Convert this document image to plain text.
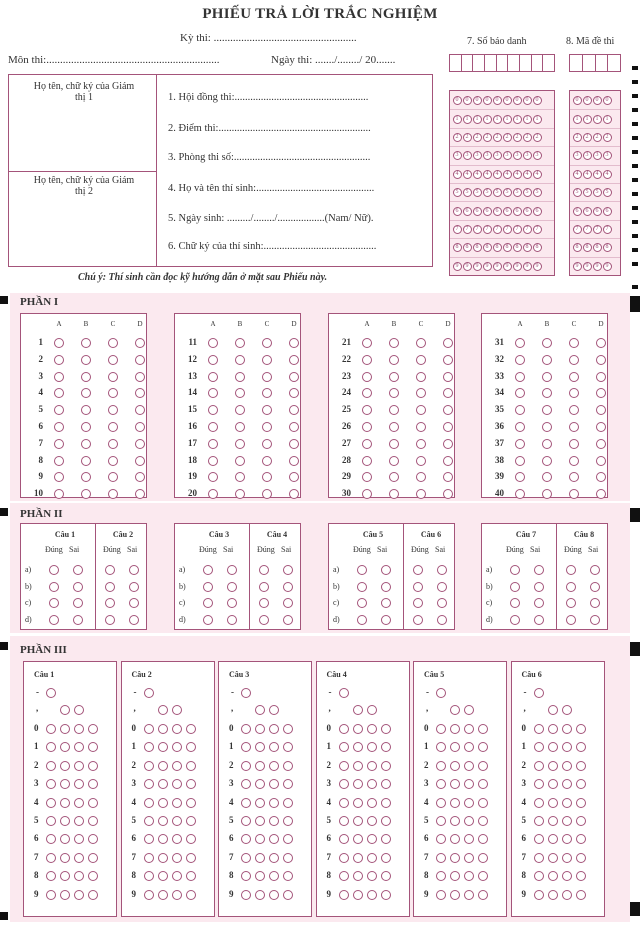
PHIẾU TRẢ LỜI TRẮC NGHIỆM
Kỳ thi: ....................................................
Môn thi:...............................................................	Ngày thi: ......./......../ 20.......
7. Số báo danh	8. Mã đề thi
0	0	0	0	0	0	0	0	0
1	1	1	1	1	1	1	1	1
2	2	2	2	2	2	2	2	2
3	3	3	3	3	3	3	3	3
4	4	4	4	4	4	4	4	4
5	5	5	5	5	5	5	5	5
6	6	6	6	6	6	6	6	6
7	7	7	7	7	7	7	7	7
8	8	8	8	8	8	8	8	8
9	9	9	9	9	9	9	9	9
0	0	0	0
1	1	1	1
2	2	2	2
3	3	3	3
4	4	4	4
5	5	5	5
6	6	6	6
7	7	7	7
8	8	8	8
9	9	9	9
Họ tên, chữ ký của Giám thị 1
Họ tên, chữ ký của Giám thị 2
1. Hội đồng thi:...................................................
2. Điểm thi:..........................................................
3. Phòng thi số:....................................................
4. Họ và tên thí sinh:.............................................
5. Ngày sinh: ........./......../..................(Nam/ Nữ).
6. Chữ ký của thí sinh:...........................................
Chú ý: Thí sinh cần đọc kỹ hướng dẫn ở mặt sau Phiếu này.
PHẦN I
A	B	C	D
1
2
3
4
5
6
7
8
9
10
A	B	C	D
11
12
13
14
15
16
17
18
19
20
A	B	C	D
21
22
23
24
25
26
27
28
29
30
A	B	C	D
31
32
33
34
35
36
37
38
39
40
PHẦN II
Câu 1
Đúng Sai
Câu 2
Đúng Sai
a)
b)
c)
d)
Câu 3
Đúng Sai
Câu 4
Đúng Sai
a)
b)
c)
d)
Câu 5
Đúng Sai
Câu 6
Đúng Sai
a)
b)
c)
d)
Câu 7
Đúng Sai
Câu 8
Đúng Sai
a)
b)
c)
d)
PHẦN III
Câu 1
-
,
0
1
2
3
4
5
6
7
8
9
Câu 2
-
,
0
1
2
3
4
5
6
7
8
9
Câu 3
-
,
0
1
2
3
4
5
6
7
8
9
Câu 4
-
,
0
1
2
3
4
5
6
7
8
9
Câu 5
-
,
0
1
2
3
4
5
6
7
8
9
Câu 6
-
,
0
1
2
3
4
5
6
7
8
9
